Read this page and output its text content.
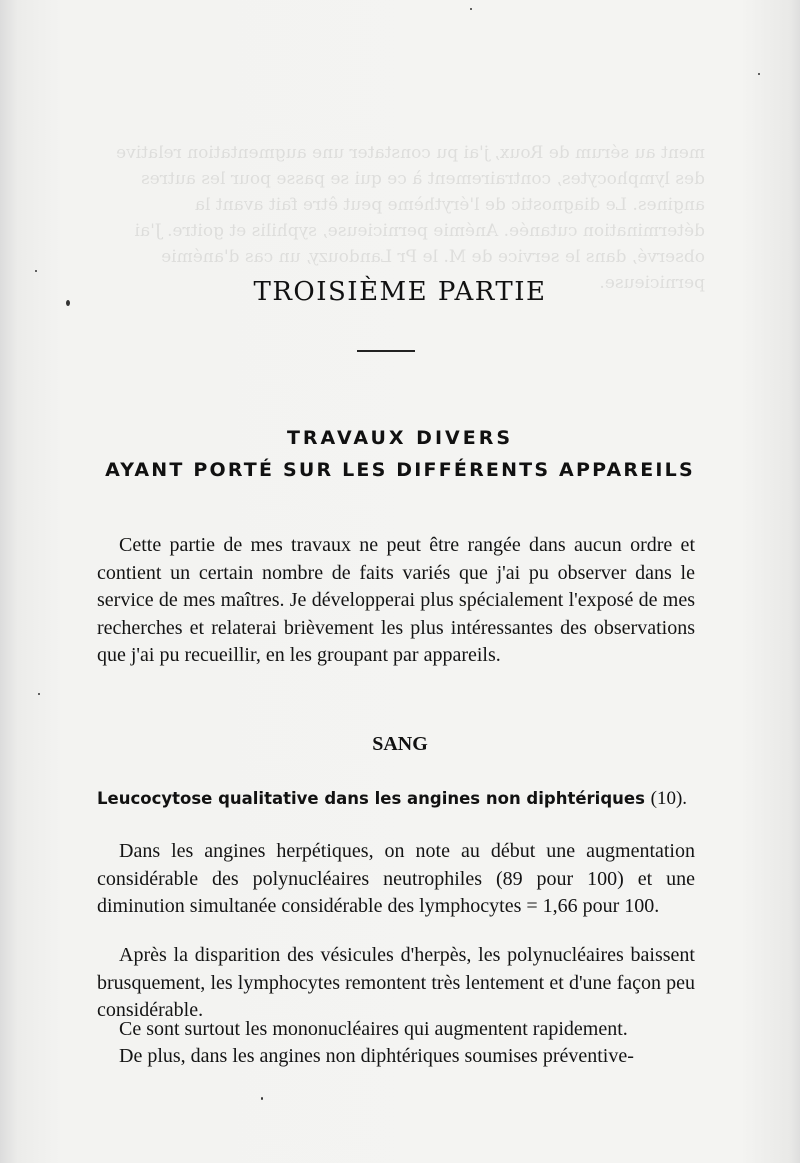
ment au sérum de Roux, j'ai pu constater une augmentation relative des lymphocytes, contrairement à ce qui se passe pour les autres angines. Le diagnostic de l'érythème peut être fait avant la détermination cutanée. Anémie pernicieuse, syphilis et goitre. J'ai observé, dans le service de M. le Pr Landouzy, un cas d'anémie pernicieuse.
TROISIÈME PARTIE
TRAVAUX DIVERS
AYANT PORTÉ SUR LES DIFFÉRENTS APPAREILS

Cette partie de mes travaux ne peut être rangée dans aucun ordre et contient un certain nombre de faits variés que j'ai pu observer dans le service de mes maîtres. Je développerai plus spécialement l'exposé de mes recherches et relaterai brièvement les plus intéressantes des observations que j'ai pu recueillir, en les groupant par appareils.

SANG
Leucocytose qualitative dans les angines non diphtériques (10).

Dans les angines herpétiques, on note au début une augmentation considérable des polynucléaires neutrophiles (89 pour 100) et une diminution simultanée considérable des lymphocytes = 1,66 pour 100.

Après la disparition des vésicules d'herpès, les polynucléaires baissent brusquement, les lymphocytes remontent très lentement et d'une façon peu considérable.

Ce sont surtout les mononucléaires qui augmentent rapidement.

De plus, dans les angines non diphtériques soumises préventive-
